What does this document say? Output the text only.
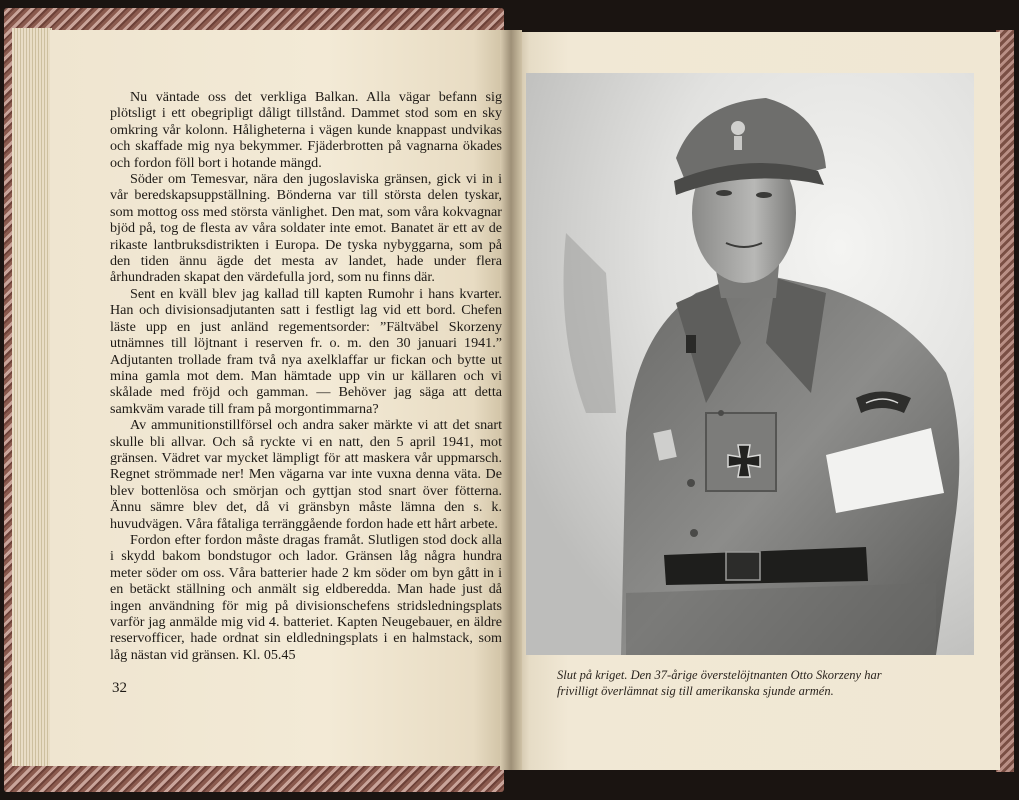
Nu väntade oss det verkliga Balkan. Alla vägar befann sig plötsligt i ett obegripligt dåligt tillstånd. Dammet stod som en sky omkring vår kolonn. Håligheterna i vägen kunde knappast undvikas och skaffade mig nya bekymmer. Fjäderbrotten på vagnarna ökades och fordon föll bort i hotande mängd.

Söder om Temesvar, nära den jugoslaviska gränsen, gick vi in i vår beredskapsuppställning. Bönderna var till största delen tyskar, som mottog oss med största vänlighet. Den mat, som våra kokvagnar bjöd på, tog de flesta av våra soldater inte emot. Banatet är ett av de rikaste lantbruksdistrikten i Europa. De tyska nybyggarna, som på den tiden ännu ägde det mesta av landet, hade under flera århundraden skapat den värdefulla jord, som nu finns där.

Sent en kväll blev jag kallad till kapten Rumohr i hans kvarter. Han och divisionsadjutanten satt i festligt lag vid ett bord. Chefen läste upp en just anländ regementsorder: ”Fältväbel Skorzeny utnämnes till löjtnant i reserven fr. o. m. den 30 januari 1941.” Adjutanten trollade fram två nya axelklaffar ur fickan och bytte ut mina gamla mot dem. Man hämtade upp vin ur källaren och vi skålade med fröjd och gamman. — Behöver jag säga att detta samkväm varade till fram på morgontimmarna?

Av ammunitionstillförsel och andra saker märkte vi att det snart skulle bli allvar. Och så ryckte vi en natt, den 5 april 1941, mot gränsen. Vädret var mycket lämpligt för att maskera vår uppmarsch. Regnet strömmade ner! Men vägarna var inte vuxna denna väta. De blev bottenlösa och smörjan och gyttjan stod snart över fötterna. Ännu sämre blev det, då vi gränsbyn måste lämna den s. k. huvudvägen. Våra fåtaliga terränggående fordon hade ett hårt arbete.

Fordon efter fordon måste dragas framåt. Slutligen stod dock alla i skydd bakom bondstugor och lador. Gränsen låg några hundra meter söder om oss. Våra batterier hade 2 km söder om byn gått in i en betäckt ställning och anmält sig eldberedda. Man hade just då ingen användning för mig på divisionschefens stridsledningsplats varför jag anmälde mig vid 4. batteriet. Kapten Neugebauer, en äldre reservofficer, hade ordnat sin eldledningsplats i en halmstack, som låg nästan vid gränsen. Kl. 05.45

32
Slut på kriget. Den 37-årige överstelöjtnanten Otto Skorzeny har
frivilligt överlämnat sig till amerikanska sjunde armén.
